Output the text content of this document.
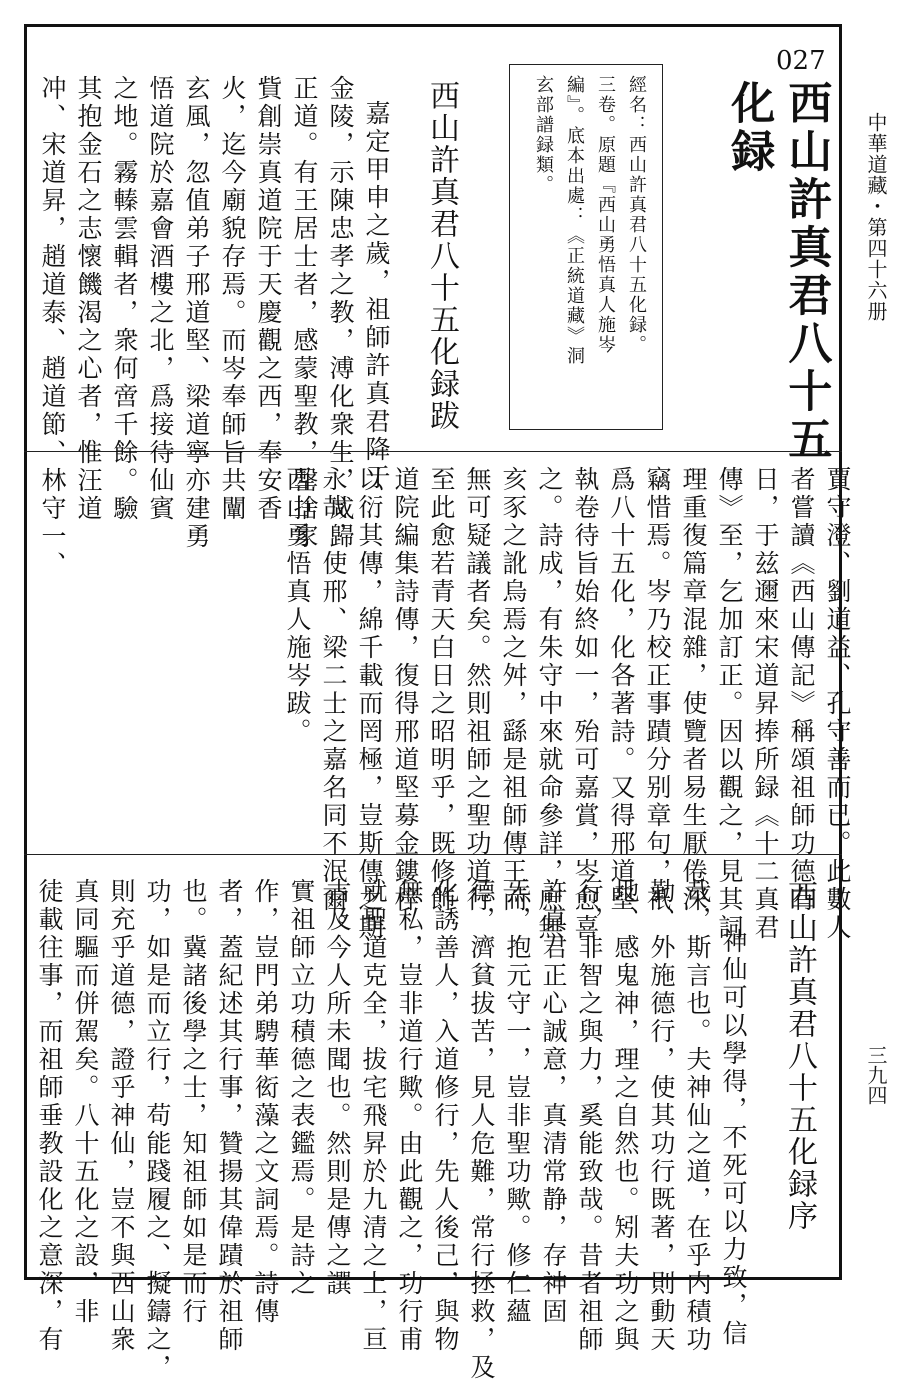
中華道藏・第四十六册
三九四
027
西山許真君八十五
化録
經名：西山許真君八十五化録。
三卷。原題『西山勇悟真人施岑
編』。底本出處：《正統道藏》洞
玄部譜録類。
西山許真君八十五化録跋
嘉定甲申之歲，祖師許真君降于
金陵，示陳忠孝之教，溥化衆生，咸歸
正道。有王居士者，感蒙聖教，罄捨家
貲創崇真道院于天慶觀之西，奉安香
火，迄今廟貌存焉。而岑奉師旨共闡
玄風，忽值弟子邢道堅、梁道寧亦建勇
悟道院於嘉會酒樓之北，爲接待仙賓
之地。霧轃雲輯者，衆何啻千餘。驗
其抱金石之志懷饑渴之心者，惟汪道
冲、宋道昇，趙道泰、趙道節、林守一、
賈守澄、劉道益、孔守善而已。此數人
者嘗讀《西山傳記》稱頌祖師功德有
日，于兹邇來宋道昇捧所録《十二真君
傳》至，乞加訂正。因以觀之，見其詞
理重復篇章混雜，使覽者易生厭倦深
竊惜焉。岑乃校正事蹟分别章句，衹
爲八十五化，化各著詩。又得邢道堅
執卷待旨始終如一，殆可嘉賞，岑愈喜
之。詩成，有朱守中來就命參詳，庶無
亥豕之訛烏焉之舛，繇是祖師傳王而
無可疑議者矣。然則祖師之聖功道行
至此愈若青天白日之昭明乎，既修飾
道院編集詩傳，復得邢道堅募金鏤梓
以衍其傳，綿千載而罔極，豈斯傳之期
永哉，使邢、梁二士之嘉名同不泯爾。
西山勇悟真人施岑跋。
西山許真君八十五化録序
神仙可以學得，不死可以力致，信
哉，斯言也。夫神仙之道，在乎内積功
勤、外施德行，使其功行既著，則動天
地、感鬼神，理之自然也。矧夫功之與
行，非智之與力，奚能致哉。昔者祖師
許真君正心誠意，真清常静，存神固
炁，抱元守一，豈非聖功歟。修仁蘊
德，濟貧拔苦，見人危難，常行拯救，及
化誘善人，入道修行，先人後己，與物
無私，豈非道行歟。由此觀之，功行甫
就聖道克全，拔宅飛昇於九清之上，亘
古及今人所未聞也。然則是傳之譔
實祖師立功積德之表鑑焉。是詩之
作，豈門弟騁華衒藻之文詞焉。詩傳
者，蓋紀述其行事，贊揚其偉蹟於祖師
也。冀諸後學之士，知祖師如是而行
功，如是而立行，苟能踐履之、擬鑄之，
則充乎道德，證乎神仙，豈不與西山衆
真同驅而併駕矣。八十五化之設，非
徒載往事，而祖師垂教設化之意深，有
